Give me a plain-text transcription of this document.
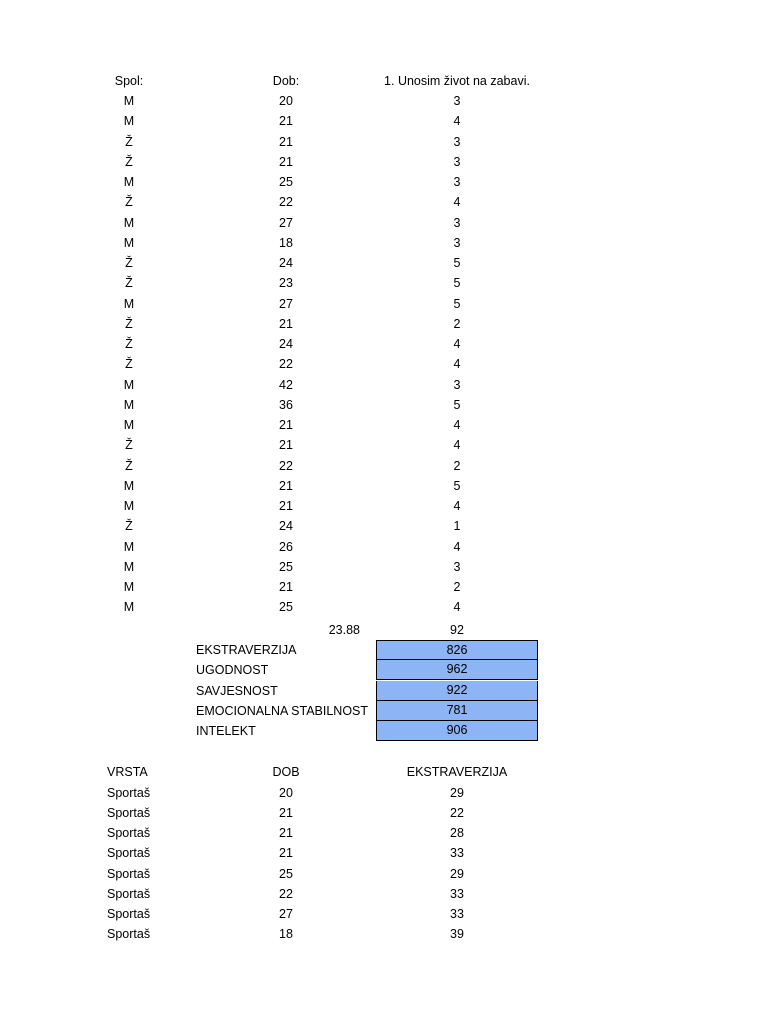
Spol:	Dob:	1. Unosim život na zabavi.
M	20	3
M	21	4
Ž	21	3
Ž	21	3
M	25	3
Ž	22	4
M	27	3
M	18	3
Ž	24	5
Ž	23	5
M	27	5
Ž	21	2
Ž	24	4
Ž	22	4
M	42	3
M	36	5
M	21	4
Ž	21	4
Ž	22	2
M	21	5
M	21	4
Ž	24	1
M	26	4
M	25	3
M	21	2
M	25	4
23.88	92
EKSTRAVERZIJA	826
UGODNOST	962
SAVJESNOST	922
EMOCIONALNA STABILNOST	781
INTELEKT	906
VRSTA	DOB	EKSTRAVERZIJA
Sportaš	20	29
Sportaš	21	22
Sportaš	21	28
Sportaš	21	33
Sportaš	25	29
Sportaš	22	33
Sportaš	27	33
Sportaš	18	39
